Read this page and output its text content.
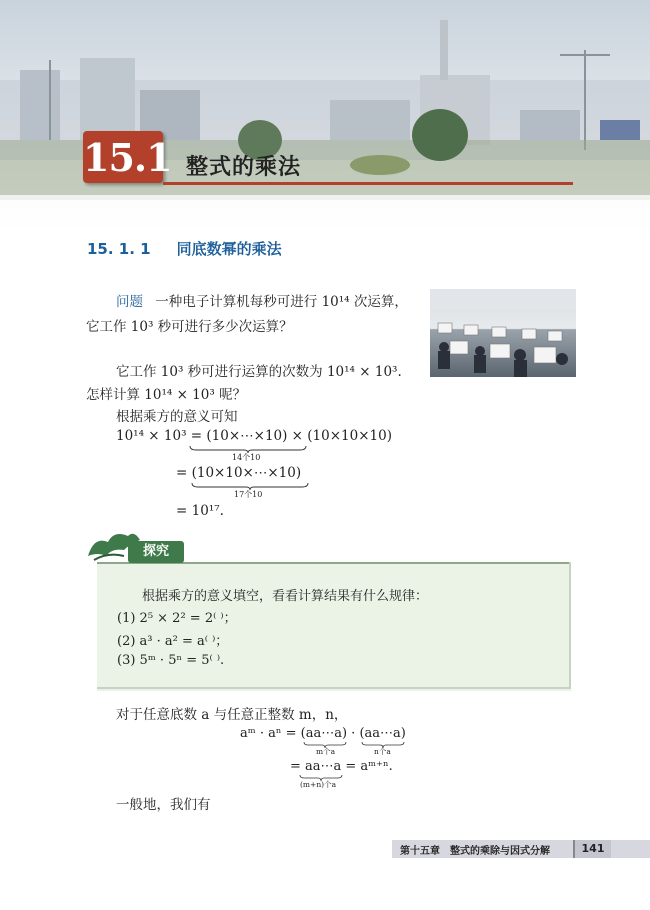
15.1 整式的乘法
15. 1. 1 同底数幂的乘法
问题 一种电子计算机每秒可进行 10¹⁴ 次运算，
它工作 10³ 秒可进行多少次运算？
它工作 10³ 秒可进行运算的次数为 10¹⁴ × 10³.
怎样计算 10¹⁴ × 10³ 呢？
根据乘方的意义可知
10¹⁴ × 10³ = (10×⋯×10) × (10×10×10)
14个10
= (10×10×⋯×10)
17个10
= 10¹⁷.
探究
根据乘方的意义填空，看看计算结果有什么规律：
(1) 2⁵ × 2² = 2⁽ ⁾；
(2) a³ · a² = a⁽ ⁾；
(3) 5ᵐ · 5ⁿ = 5⁽ ⁾.
对于任意底数 a 与任意正整数 m，n，
aᵐ · aⁿ = (aa⋯a) · (aa⋯a)
m个a	n个a
= aa⋯a = aᵐ⁺ⁿ.
(m+n)个a
一般地，我们有
第十五章　整式的乘除与因式分解	141
